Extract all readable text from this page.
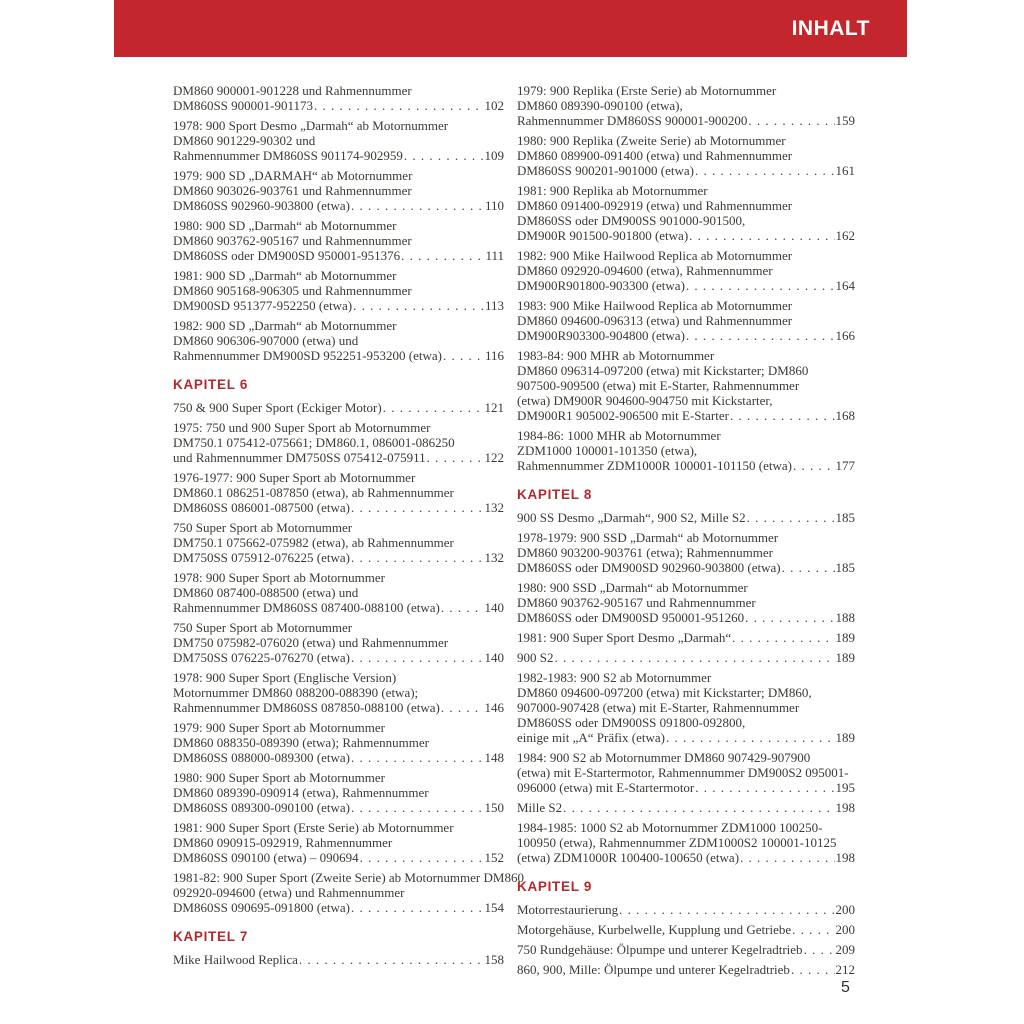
INHALT
DM860 900001-901228 und Rahmennummer
DM860SS 900001-901173 . . .	102
1978: 900 Sport Desmo „Darmah“ ab Motornummer
DM860 901229-90302 und
Rahmennummer DM860SS 901174-902959 . . .	109
1979: 900 SD „DARMAH“ ab Motornummer
DM860 903026-903761 und Rahmennummer
DM860SS 902960-903800 (etwa) . . .	110
1980: 900 SD „Darmah“ ab Motornummer
DM860 903762-905167 und Rahmennummer
DM860SS oder DM900SD 950001-951376 . . .	111
1981: 900 SD „Darmah“ ab Motornummer
DM860 905168-906305 und Rahmennummer
DM900SD 951377-952250 (etwa) . . .	113
1982: 900 SD „Darmah“ ab Motornummer
DM860 906306-907000 (etwa) und
Rahmennummer DM900SD 952251-953200 (etwa) . . .	116
KAPITEL 6
750 & 900 Super Sport (Eckiger Motor) . . .	121
1975: 750 und 900 Super Sport ab Motornummer
DM750.1 075412-075661; DM860.1, 086001-086250
und Rahmennummer DM750SS 075412-075911 . . .	122
1976-1977: 900 Super Sport ab Motornummer
DM860.1 086251-087850 (etwa), ab Rahmennummer
DM860SS 086001-087500 (etwa) . . .	132
750 Super Sport ab Motornummer
DM750.1 075662-075982 (etwa), ab Rahmennummer
DM750SS 075912-076225 (etwa) . . .	132
1978: 900 Super Sport ab Motornummer
DM860 087400-088500 (etwa) und
Rahmennummer DM860SS 087400-088100 (etwa) . . .	140
750 Super Sport ab Motornummer
DM750 075982-076020 (etwa) und Rahmennummer
DM750SS 076225-076270 (etwa) . . .	140
1978: 900 Super Sport (Englische Version)
Motornummer DM860 088200-088390 (etwa);
Rahmennummer DM860SS 087850-088100 (etwa) . . .	146
1979: 900 Super Sport ab Motornummer
DM860 088350-089390 (etwa); Rahmennummer
DM860SS 088000-089300 (etwa) . . .	148
1980: 900 Super Sport ab Motornummer
DM860 089390-090914 (etwa), Rahmennummer
DM860SS 089300-090100 (etwa) . . .	150
1981: 900 Super Sport (Erste Serie) ab Motornummer
DM860 090915-092919, Rahmennummer
DM860SS 090100 (etwa) – 090694 . . .	152
1981-82: 900 Super Sport (Zweite Serie) ab Motornummer DM860
092920-094600 (etwa) und Rahmennummer
DM860SS 090695-091800 (etwa) . . .	154
KAPITEL 7
Mike Hailwood Replica . . .	158
1979: 900 Replika (Erste Serie) ab Motornummer
DM860 089390-090100 (etwa),
Rahmennummer DM860SS 900001-900200 . . .	159
1980: 900 Replika (Zweite Serie) ab Motornummer
DM860 089900-091400 (etwa) und Rahmennummer
DM860SS 900201-901000 (etwa) . . .	161
1981: 900 Replika ab Motornummer
DM860 091400-092919 (etwa) und Rahmennummer
DM860SS oder DM900SS 901000-901500,
DM900R 901500-901800 (etwa) . . .	162
1982: 900 Mike Hailwood Replica ab Motornummer
DM860 092920-094600 (etwa), Rahmennummer
DM900R901800-903300 (etwa) . . .	164
1983: 900 Mike Hailwood Replica ab Motornummer
DM860 094600-096313 (etwa) und Rahmennummer
DM900R903300-904800 (etwa) . . .	166
1983-84: 900 MHR ab Motornummer
DM860 096314-097200 (etwa) mit Kickstarter; DM860
907500-909500 (etwa) mit E-Starter, Rahmennummer
(etwa) DM900R 904600-904750 mit Kickstarter,
DM900R1 905002-906500 mit E-Starter . . .	168
1984-86: 1000 MHR ab Motornummer
ZDM1000 100001-101350 (etwa),
Rahmennummer ZDM1000R 100001-101150 (etwa) . . .	177
KAPITEL 8
900 SS Desmo „Darmah“, 900 S2, Mille S2 . . .	185
1978-1979: 900 SSD „Darmah“ ab Motornummer
DM860 903200-903761 (etwa); Rahmennummer
DM860SS oder DM900SD 902960-903800 (etwa) . . .	185
1980: 900 SSD „Darmah“ ab Motornummer
DM860 903762-905167 und Rahmennummer
DM860SS oder DM900SD 950001-951260 . . .	188
1981: 900 Super Sport Desmo „Darmah“ . . .	189
900 S2 . . .	189
1982-1983: 900 S2 ab Motornummer
DM860 094600-097200 (etwa) mit Kickstarter; DM860,
907000-907428 (etwa) mit E-Starter, Rahmennummer
DM860SS oder DM900SS 091800-092800,
einige mit „A“ Präfix (etwa) . . .	189
1984: 900 S2 ab Motornummer DM860 907429-907900
(etwa) mit E-Startermotor, Rahmennummer DM900S2 095001-
096000 (etwa) mit E-Startermotor . . .	195
Mille S2 . . .	198
1984-1985: 1000 S2 ab Motornummer ZDM1000 100250-
100950 (etwa), Rahmennummer ZDM1000S2 100001-10125
(etwa) ZDM1000R 100400-100650 (etwa) . . .	198
KAPITEL 9
Motorrestaurierung . . .	200
Motorgehäuse, Kurbelwelle, Kupplung und Getriebe . . .	200
750 Rundgehäuse: Ölpumpe und unterer Kegelradtrieb . . .	209
860, 900, Mille: Ölpumpe und unterer Kegelradtrieb . . .	212
5
